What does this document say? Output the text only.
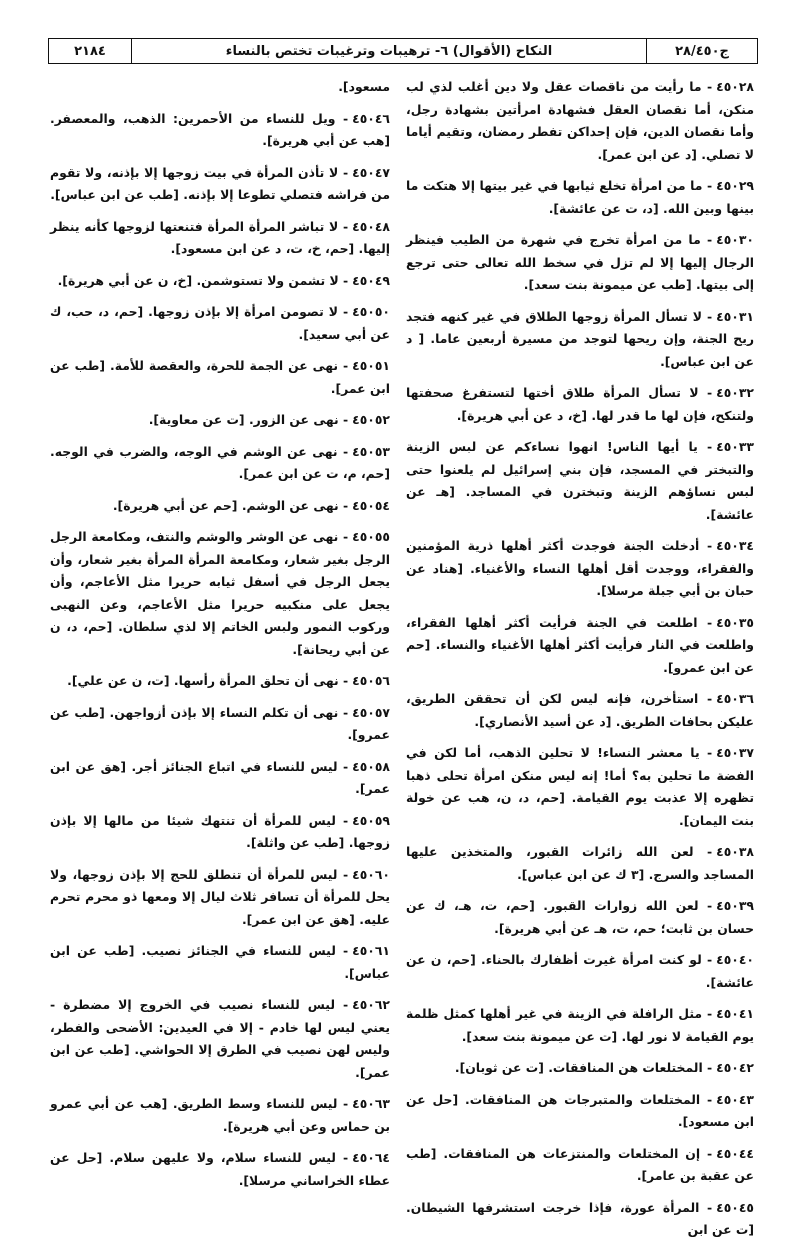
٢١٨٤	النكاح (الأقوال) ٦- ترهيبات وترغيبات تختص بالنساء	ج٢٨/٤٥٠
٤٥٠٢٨- ما رأيت من ناقصات عقل ولا دين أغلب لذي لب منكن، أما نقصان العقل فشهادة امرأتين بشهادة رجل، وأما نقصان الدين، فإن إحداكن تفطر رمضان، وتقيم أياما لا تصلي. [د عن ابن عمر].
٤٥٠٢٩- ما من امرأة تخلع ثيابها في غير بيتها إلا هتكت ما بينها وبين الله. [د، ت عن عائشة].
٤٥٠٣٠- ما من امرأة تخرج في شهرة من الطيب فينظر الرجال إليها إلا لم تزل في سخط الله تعالى حتى ترجع إلى بيتها. [طب عن ميمونة بنت سعد].
٤٥٠٣١- لا تسأل المرأة زوجها الطلاق في غير كنهه فتجد ريح الجنة، وإن ريحها لتوجد من مسيرة أربعين عاما. [ د عن ابن عباس].
٤٥٠٣٢- لا تسأل المرأة طلاق أختها لتستفرغ صحفتها ولتنكح، فإن لها ما قدر لها. [خ، د عن أبي هريرة].
٤٥٠٣٣- يا أيها الناس! انهوا نساءكم عن لبس الزينة والتبختر في المسجد، فإن بني إسرائيل لم يلعنوا حتى لبس نساؤهم الزينة وتبخترن في المساجد. [هـ عن عائشة].
٤٥٠٣٤- أدخلت الجنة فوجدت أكثر أهلها ذرية المؤمنين والفقراء، ووجدت أقل أهلها النساء والأغنياء. [هناد عن حبان بن أبي جبلة مرسلا].
٤٥٠٣٥- اطلعت في الجنة فرأيت أكثر أهلها الفقراء، واطلعت في النار فرأيت أكثر أهلها الأغنياء والنساء. [حم عن ابن عمرو].
٤٥٠٣٦- استأخرن، فإنه ليس لكن أن تحققن الطريق، عليكن بحافات الطريق. [د عن أسيد الأنصاري].
٤٥٠٣٧- يا معشر النساء! لا تحلين الذهب، أما لكن في الفضة ما تحلين به؟ أما! إنه ليس منكن امرأة تحلى ذهبا تظهره إلا عذبت يوم القيامة. [حم، د، ن، هب عن خولة بنت اليمان].
٤٥٠٣٨- لعن الله زائرات القبور، والمتخذين عليها المساجد والسرج. [٣ ك عن ابن عباس].
٤٥٠٣٩- لعن الله زوارات القبور. [حم، ت، هـ، ك عن حسان بن ثابت؛ حم، ت، هـ عن أبي هريرة].
٤٥٠٤٠- لو كنت امرأة غيرت أظفارك بالحناء. [حم، ن عن عائشة].
٤٥٠٤١- مثل الرافلة في الزينة في غير أهلها كمثل ظلمة يوم القيامة لا نور لها. [ت عن ميمونة بنت سعد].
٤٥٠٤٢- المختلعات هن المنافقات. [ت عن ثوبان].
٤٥٠٤٣- المختلعات والمتبرجات هن المنافقات. [حل عن ابن مسعود].
٤٥٠٤٤- إن المختلعات والمنتزعات هن المنافقات. [طب عن عقبة بن عامر].
٤٥٠٤٥- المرأة عورة، فإذا خرجت استشرفها الشيطان. [ت عن ابن
مسعود].
٤٥٠٤٦- ويل للنساء من الأحمرين: الذهب، والمعصفر. [هب عن أبي هريرة].
٤٥٠٤٧- لا تأذن المرأة في بيت زوجها إلا بإذنه، ولا تقوم من فراشه فتصلي تطوعا إلا بإذنه. [طب عن ابن عباس].
٤٥٠٤٨- لا تباشر المرأة المرأة فتنعتها لزوجها كأنه ينظر إليها. [حم، خ، ت، د عن ابن مسعود].
٤٥٠٤٩- لا تشمن ولا تستوشمن. [خ، ن عن أبي هريرة].
٤٥٠٥٠- لا تصومن امرأة إلا بإذن زوجها. [حم، د، حب، ك عن أبي سعيد].
٤٥٠٥١- نهى عن الجمة للحرة، والعقصة للأمة. [طب عن ابن عمر].
٤٥٠٥٢- نهى عن الزور. [ت عن معاوية].
٤٥٠٥٣- نهى عن الوشم في الوجه، والضرب في الوجه. [حم، م، ت عن ابن عمر].
٤٥٠٥٤- نهى عن الوشم. [حم عن أبي هريرة].
٤٥٠٥٥- نهى عن الوشر والوشم والنتف، ومكامعة الرجل الرجل بغير شعار، ومكامعة المرأة المرأة بغير شعار، وأن يجعل الرجل في أسفل ثيابه حريرا مثل الأعاجم، وأن يجعل على منكبيه حريرا مثل الأعاجم، وعن النهبى وركوب النمور ولبس الخاتم إلا لذي سلطان. [حم، د، ن عن أبي ريحانة].
٤٥٠٥٦- نهى أن تحلق المرأة رأسها. [ت، ن عن علي].
٤٥٠٥٧- نهى أن تكلم النساء إلا بإذن أزواجهن. [طب عن عمرو].
٤٥٠٥٨- ليس للنساء في اتباع الجنائز أجر. [هق عن ابن عمر].
٤٥٠٥٩- ليس للمرأة أن تنتهك شيئا من مالها إلا بإذن زوجها. [طب عن واثلة].
٤٥٠٦٠- ليس للمرأة أن تنطلق للحج إلا بإذن زوجها، ولا يحل للمرأة أن تسافر ثلاث ليال إلا ومعها ذو محرم تحرم عليه. [هق عن ابن عمر].
٤٥٠٦١- ليس للنساء في الجنائز نصيب. [طب عن ابن عباس].
٤٥٠٦٢- ليس للنساء نصيب في الخروج إلا مضطرة - يعني ليس لها خادم - إلا في العيدين: الأضحى والفطر، وليس لهن نصيب في الطرق إلا الحواشي. [طب عن ابن عمر].
٤٥٠٦٣- ليس للنساء وسط الطريق. [هب عن أبي عمرو بن حماس وعن أبي هريرة].
٤٥٠٦٤- ليس للنساء سلام، ولا عليهن سلام. [حل عن عطاء الخراساني مرسلا].
